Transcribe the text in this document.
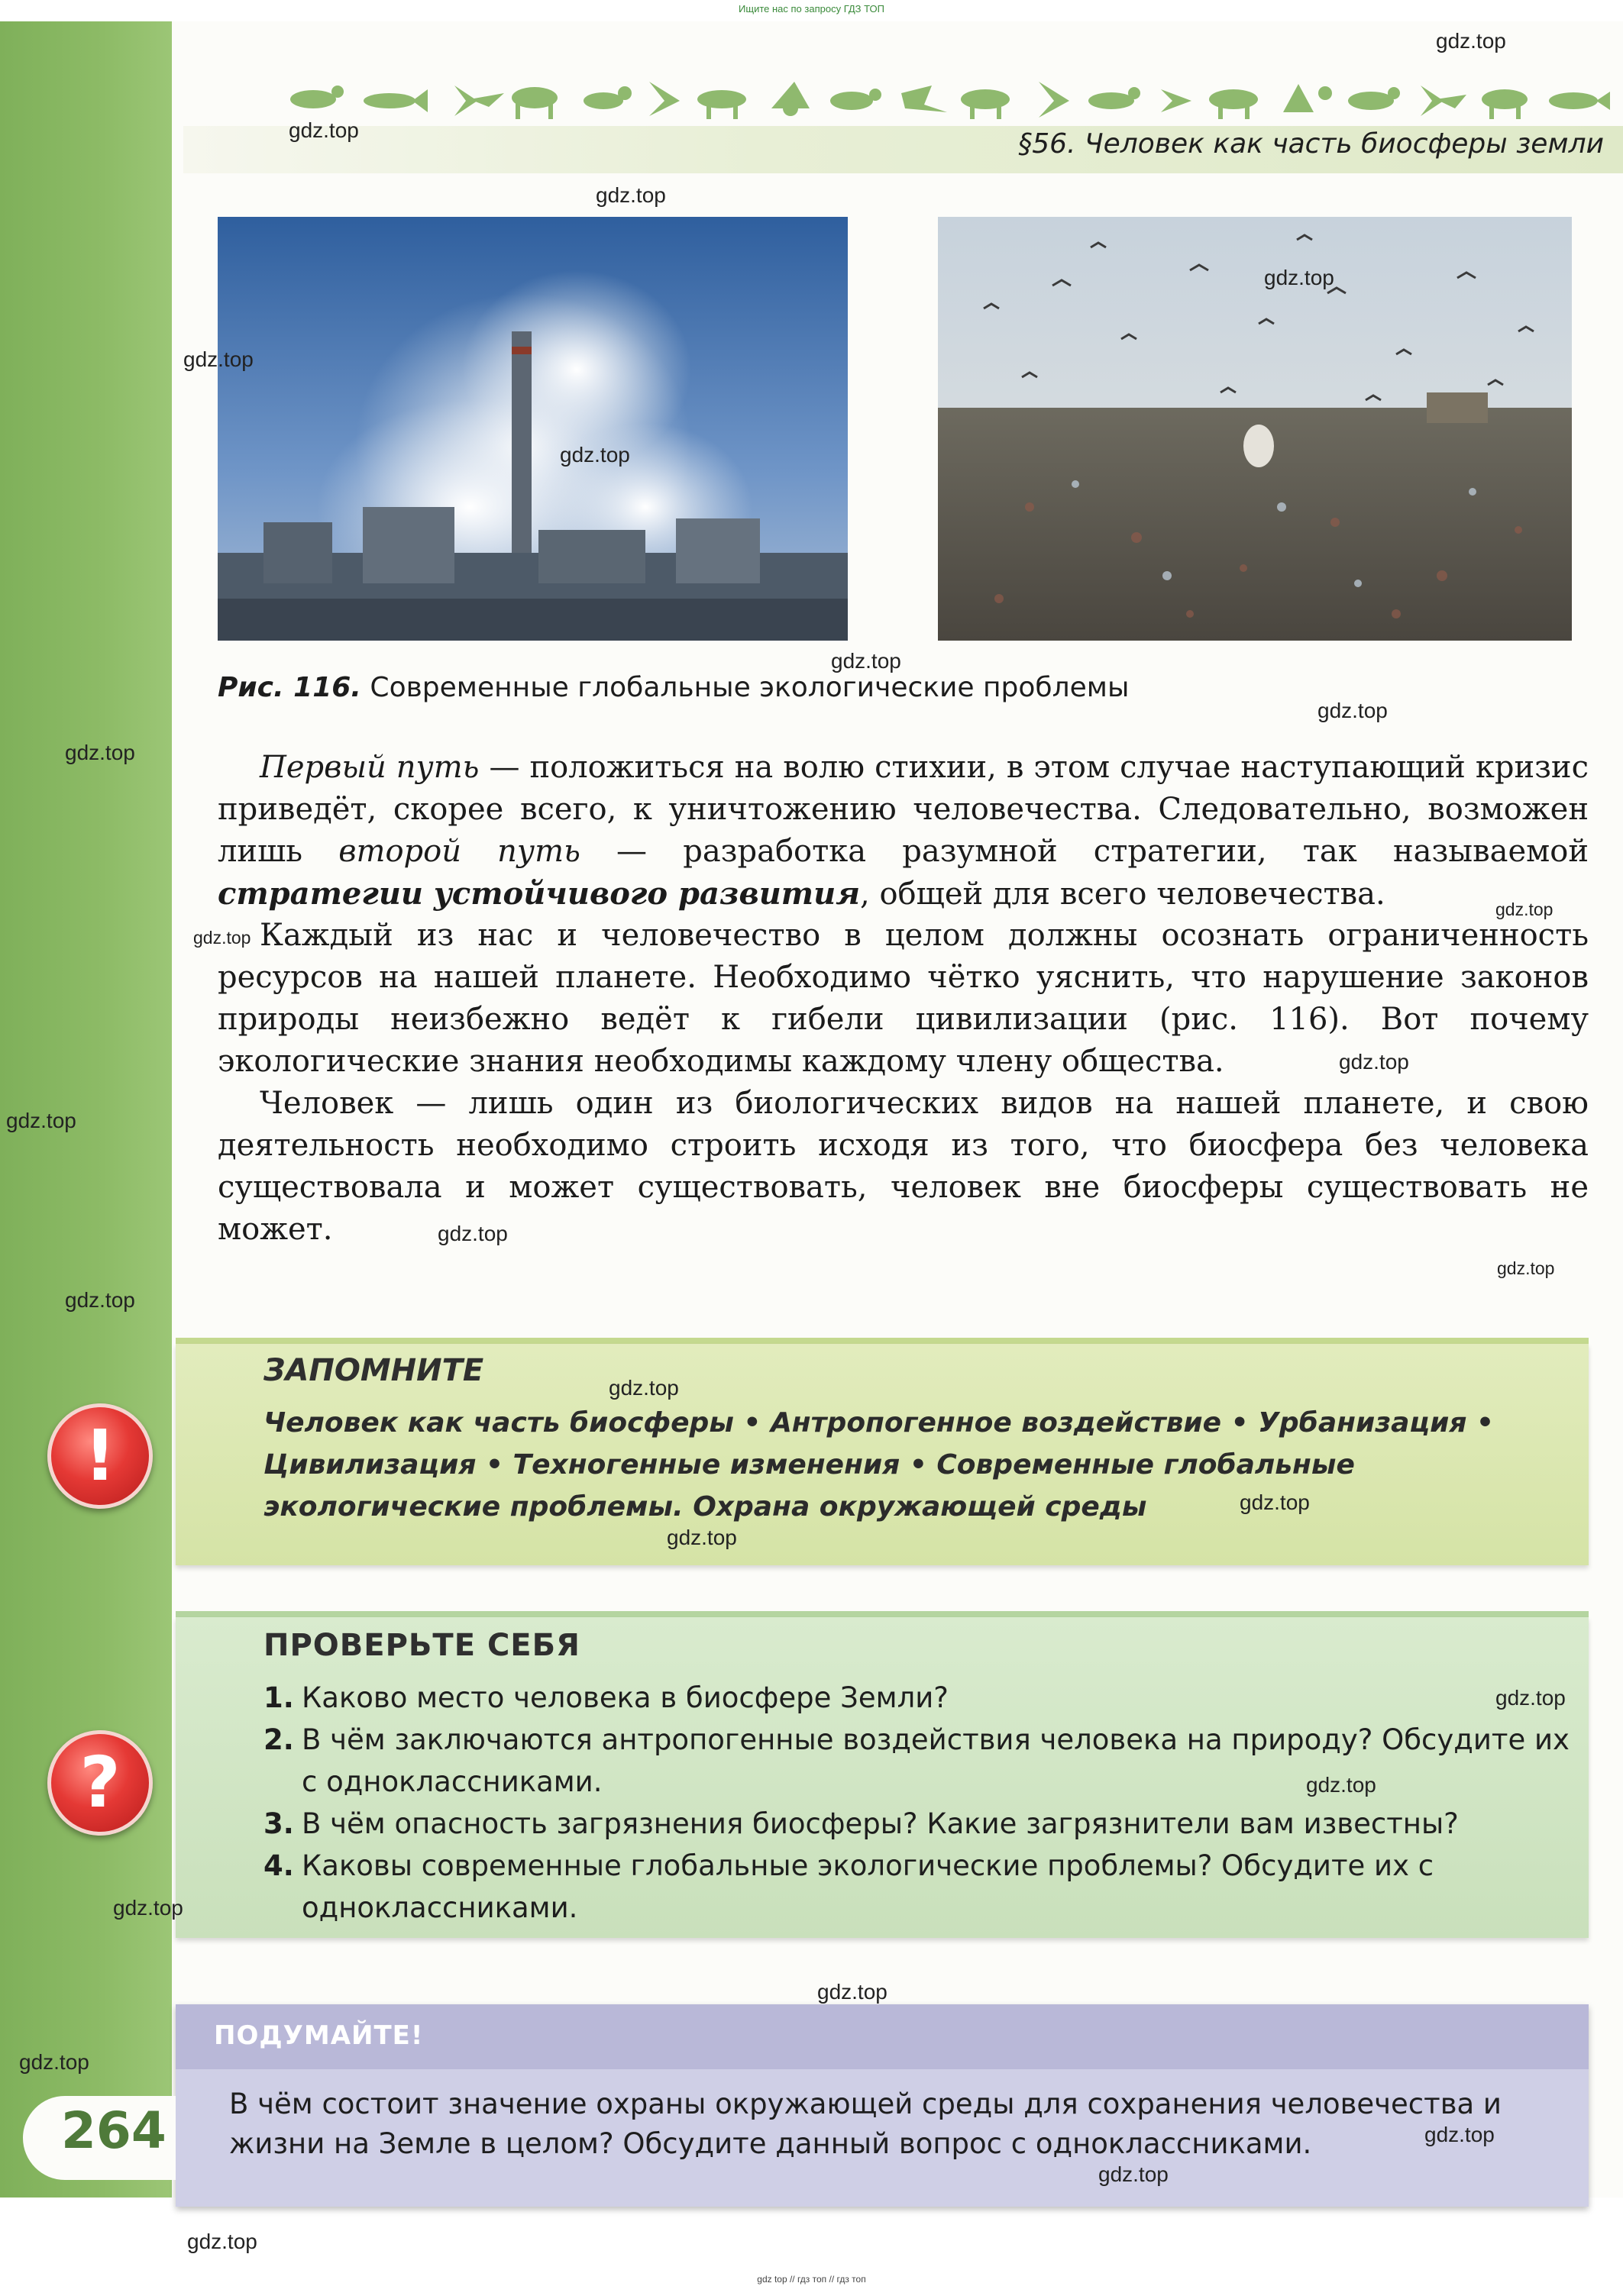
Ищите нас по запросу ГДЗ ТОП
§56. Человек как часть биосферы земли
Рис. 116. Современные глобальные экологические проблемы
Первый путь — положиться на волю стихии, в этом случае наступающий кризис приведёт, скорее всего, к уничтожению человечества. Следовательно, возможен лишь второй путь — разработка разумной стратегии, так называемой стратегии устойчивого развития, общей для всего человечества.
Каждый из нас и человечество в целом должны осознать ограниченность ресурсов на нашей планете. Необходимо чётко уяснить, что нарушение законов природы неизбежно ведёт к гибели цивилизации (рис. 116). Вот почему экологические знания необходимы каждому члену общества.
Человек — лишь один из биологических видов на нашей планете, и свою деятельность необходимо строить исходя из того, что биосфера без человека существовала и может существовать, человек вне биосферы существовать не может.
!
ЗАПОМНИТЕ
Человек как часть биосферы • Антропогенное воздействие • Урбанизация • Цивилизация • Техногенные изменения • Современные глобальные экологические проблемы. Охрана окружающей среды
?
ПРОВЕРЬТЕ СЕБЯ
1. Каково место человека в биосфере Земли?
2. В чём заключаются антропогенные воздействия человека на природу? Обсудите их с одноклассниками.
3. В чём опасность загрязнения биосферы? Какие загрязнители вам известны?
4. Каковы современные глобальные экологические проблемы? Обсудите их с одноклассниками.
ПОДУМАЙТЕ!
В чём состоит значение охраны окружающей среды для сохранения человечества и жизни на Земле в целом? Обсудите данный вопрос с одноклассниками.
264
gdz.top
gdz.top
gdz.top
gdz.top
gdz.top
gdz.top
gdz.top
gdz.top
gdz.top
gdz.top
gdz.top
gdz.top
gdz.top
gdz.top
gdz.top
gdz.top
gdz.top
gdz.top
gdz.top
gdz.top
gdz.top
gdz.top
gdz.top
gdz.top
gdz.top
gdz.top
gdz.top
gdz top // гдз топ // гдз топ
